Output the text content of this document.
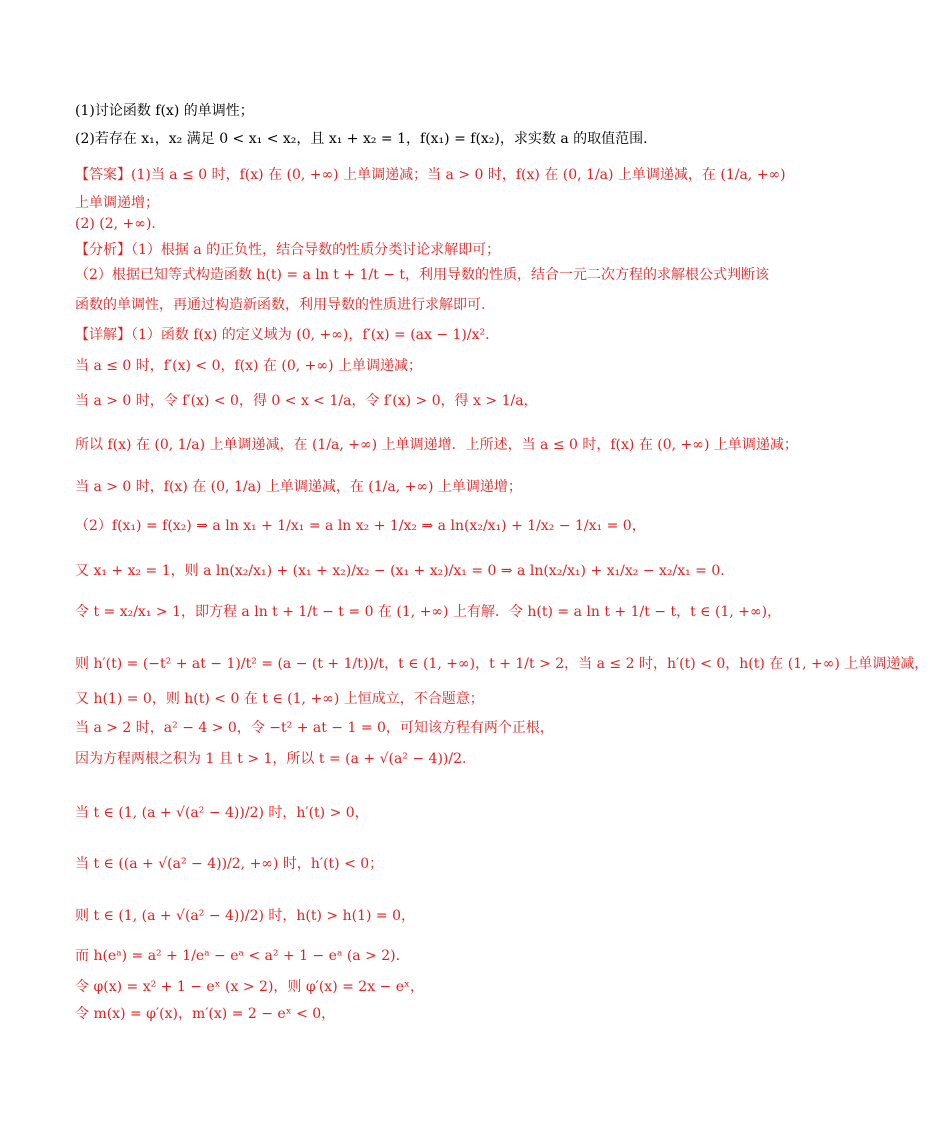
(1)讨论函数 f(x) 的单调性；
(2)若存在 x₁，x₂ 满足 0 < x₁ < x₂，且 x₁ + x₂ = 1，f(x₁) = f(x₂)，求实数 a 的取值范围.
【答案】(1)当 a ≤ 0 时，f(x) 在 (0, +∞) 上单调递减；当 a > 0 时，f(x) 在 (0, 1/a) 上单调递减，在 (1/a, +∞)
上单调递增；
(2) (2, +∞).
【分析】（1）根据 a 的正负性，结合导数的性质分类讨论求解即可；
（2）根据已知等式构造函数 h(t) = a ln t + 1/t − t，利用导数的性质，结合一元二次方程的求解根公式判断该
函数的单调性，再通过构造新函数，利用导数的性质进行求解即可.
【详解】（1）函数 f(x) 的定义域为 (0, +∞)，f′(x) = (ax − 1)/x².
当 a ≤ 0 时，f′(x) < 0，f(x) 在 (0, +∞) 上单调递减；
当 a > 0 时，令 f′(x) < 0，得 0 < x < 1/a，令 f′(x) > 0，得 x > 1/a，
所以 f(x) 在 (0, 1/a) 上单调递减，在 (1/a, +∞) 上单调递增．上所述，当 a ≤ 0 时，f(x) 在 (0, +∞) 上单调递减；
当 a > 0 时，f(x) 在 (0, 1/a) 上单调递减，在 (1/a, +∞) 上单调递增；
（2）f(x₁) = f(x₂) ⇒ a ln x₁ + 1/x₁ = a ln x₂ + 1/x₂ ⇒ a ln(x₂/x₁) + 1/x₂ − 1/x₁ = 0，
又 x₁ + x₂ = 1，则 a ln(x₂/x₁) + (x₁ + x₂)/x₂ − (x₁ + x₂)/x₁ = 0 ⇒ a ln(x₂/x₁) + x₁/x₂ − x₂/x₁ = 0.
令 t = x₂/x₁ > 1，即方程 a ln t + 1/t − t = 0 在 (1, +∞) 上有解．令 h(t) = a ln t + 1/t − t，t ∈ (1, +∞)，
则 h′(t) = (−t² + at − 1)/t² = (a − (t + 1/t))/t，t ∈ (1, +∞)，t + 1/t > 2，当 a ≤ 2 时，h′(t) < 0，h(t) 在 (1, +∞) 上单调递减，
又 h(1) = 0，则 h(t) < 0 在 t ∈ (1, +∞) 上恒成立，不合题意；
当 a > 2 时，a² − 4 > 0，令 −t² + at − 1 = 0，可知该方程有两个正根，
因为方程两根之积为 1 且 t > 1，所以 t = (a + √(a² − 4))/2.
当 t ∈ (1, (a + √(a² − 4))/2) 时，h′(t) > 0，
当 t ∈ ((a + √(a² − 4))/2, +∞) 时，h′(t) < 0；
则 t ∈ (1, (a + √(a² − 4))/2) 时，h(t) > h(1) = 0，
而 h(eᵃ) = a² + 1/eᵃ − eᵃ < a² + 1 − eᵃ (a > 2).
令 φ(x) = x² + 1 − eˣ (x > 2)，则 φ′(x) = 2x − eˣ，
令 m(x) = φ′(x)，m′(x) = 2 − eˣ < 0，
